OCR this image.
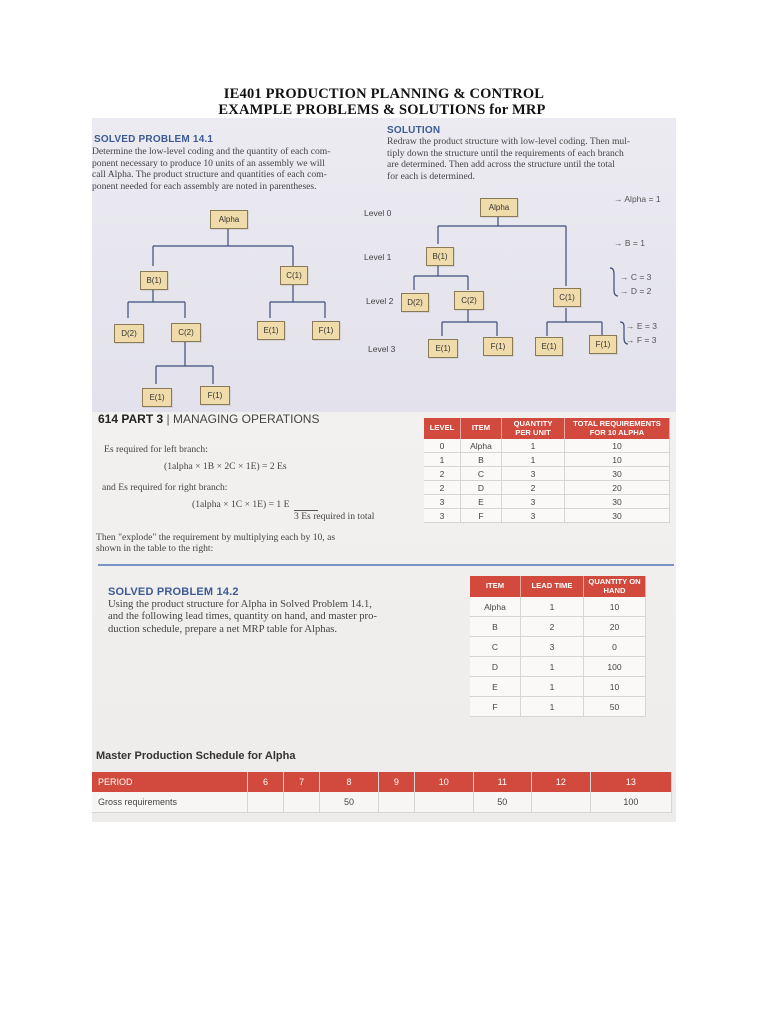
IE401 PRODUCTION PLANNING & CONTROL
EXAMPLE PROBLEMS & SOLUTIONS for MRP
SOLVED PROBLEM 14.1
Determine the low-level coding and the quantity of each com-
ponent necessary to produce 10 units of an assembly we will
call Alpha. The product structure and quantities of each com-
ponent needed for each assembly are noted in parentheses.
SOLUTION
Redraw the product structure with low-level coding. Then mul-
tiply down the structure until the requirements of each branch
are determined. Then add across the structure until the total
for each is determined.
Alpha
B(1)
C(1)
D(2)	C(2)	E(1)	F(1)
E(1)	F(1)
Level 0
Level 1
Level 2
Level 3
Alpha
B(1)
D(2)	C(2)	C(1)
E(1)	F(1)	E(1)	F(1)
→ Alpha = 1
→ B = 1
→ C = 3
→ D = 2
→ E = 3
→ F = 3
614 PART 3 | MANAGING OPERATIONS
Es required for left branch:
(1alpha × 1B × 2C × 1E) = 2 Es
and Es required for right branch:
(1alpha × 1C × 1E) = 1 E
3 Es required in total
Then "explode" the requirement by multiplying each by 10, as
shown in the table to the right:
LEVEL	ITEM	QUANTITY PER UNIT	TOTAL REQUIREMENTS FOR 10 ALPHA
0	Alpha	1	10
1	B	1	10
2	C	3	30
2	D	2	20
3	E	3	30
3	F	3	30
SOLVED PROBLEM 14.2
Using the product structure for Alpha in Solved Problem 14.1,
and the following lead times, quantity on hand, and master pro-
duction schedule, prepare a net MRP table for Alphas.
ITEM	LEAD TIME	QUANTITY ON HAND
Alpha	1	10
B	2	20
C	3	0
D	1	100
E	1	10
F	1	50
Master Production Schedule for Alpha
PERIOD	6	7	8	9	10	11	12	13
Gross requirements			50			50		100
